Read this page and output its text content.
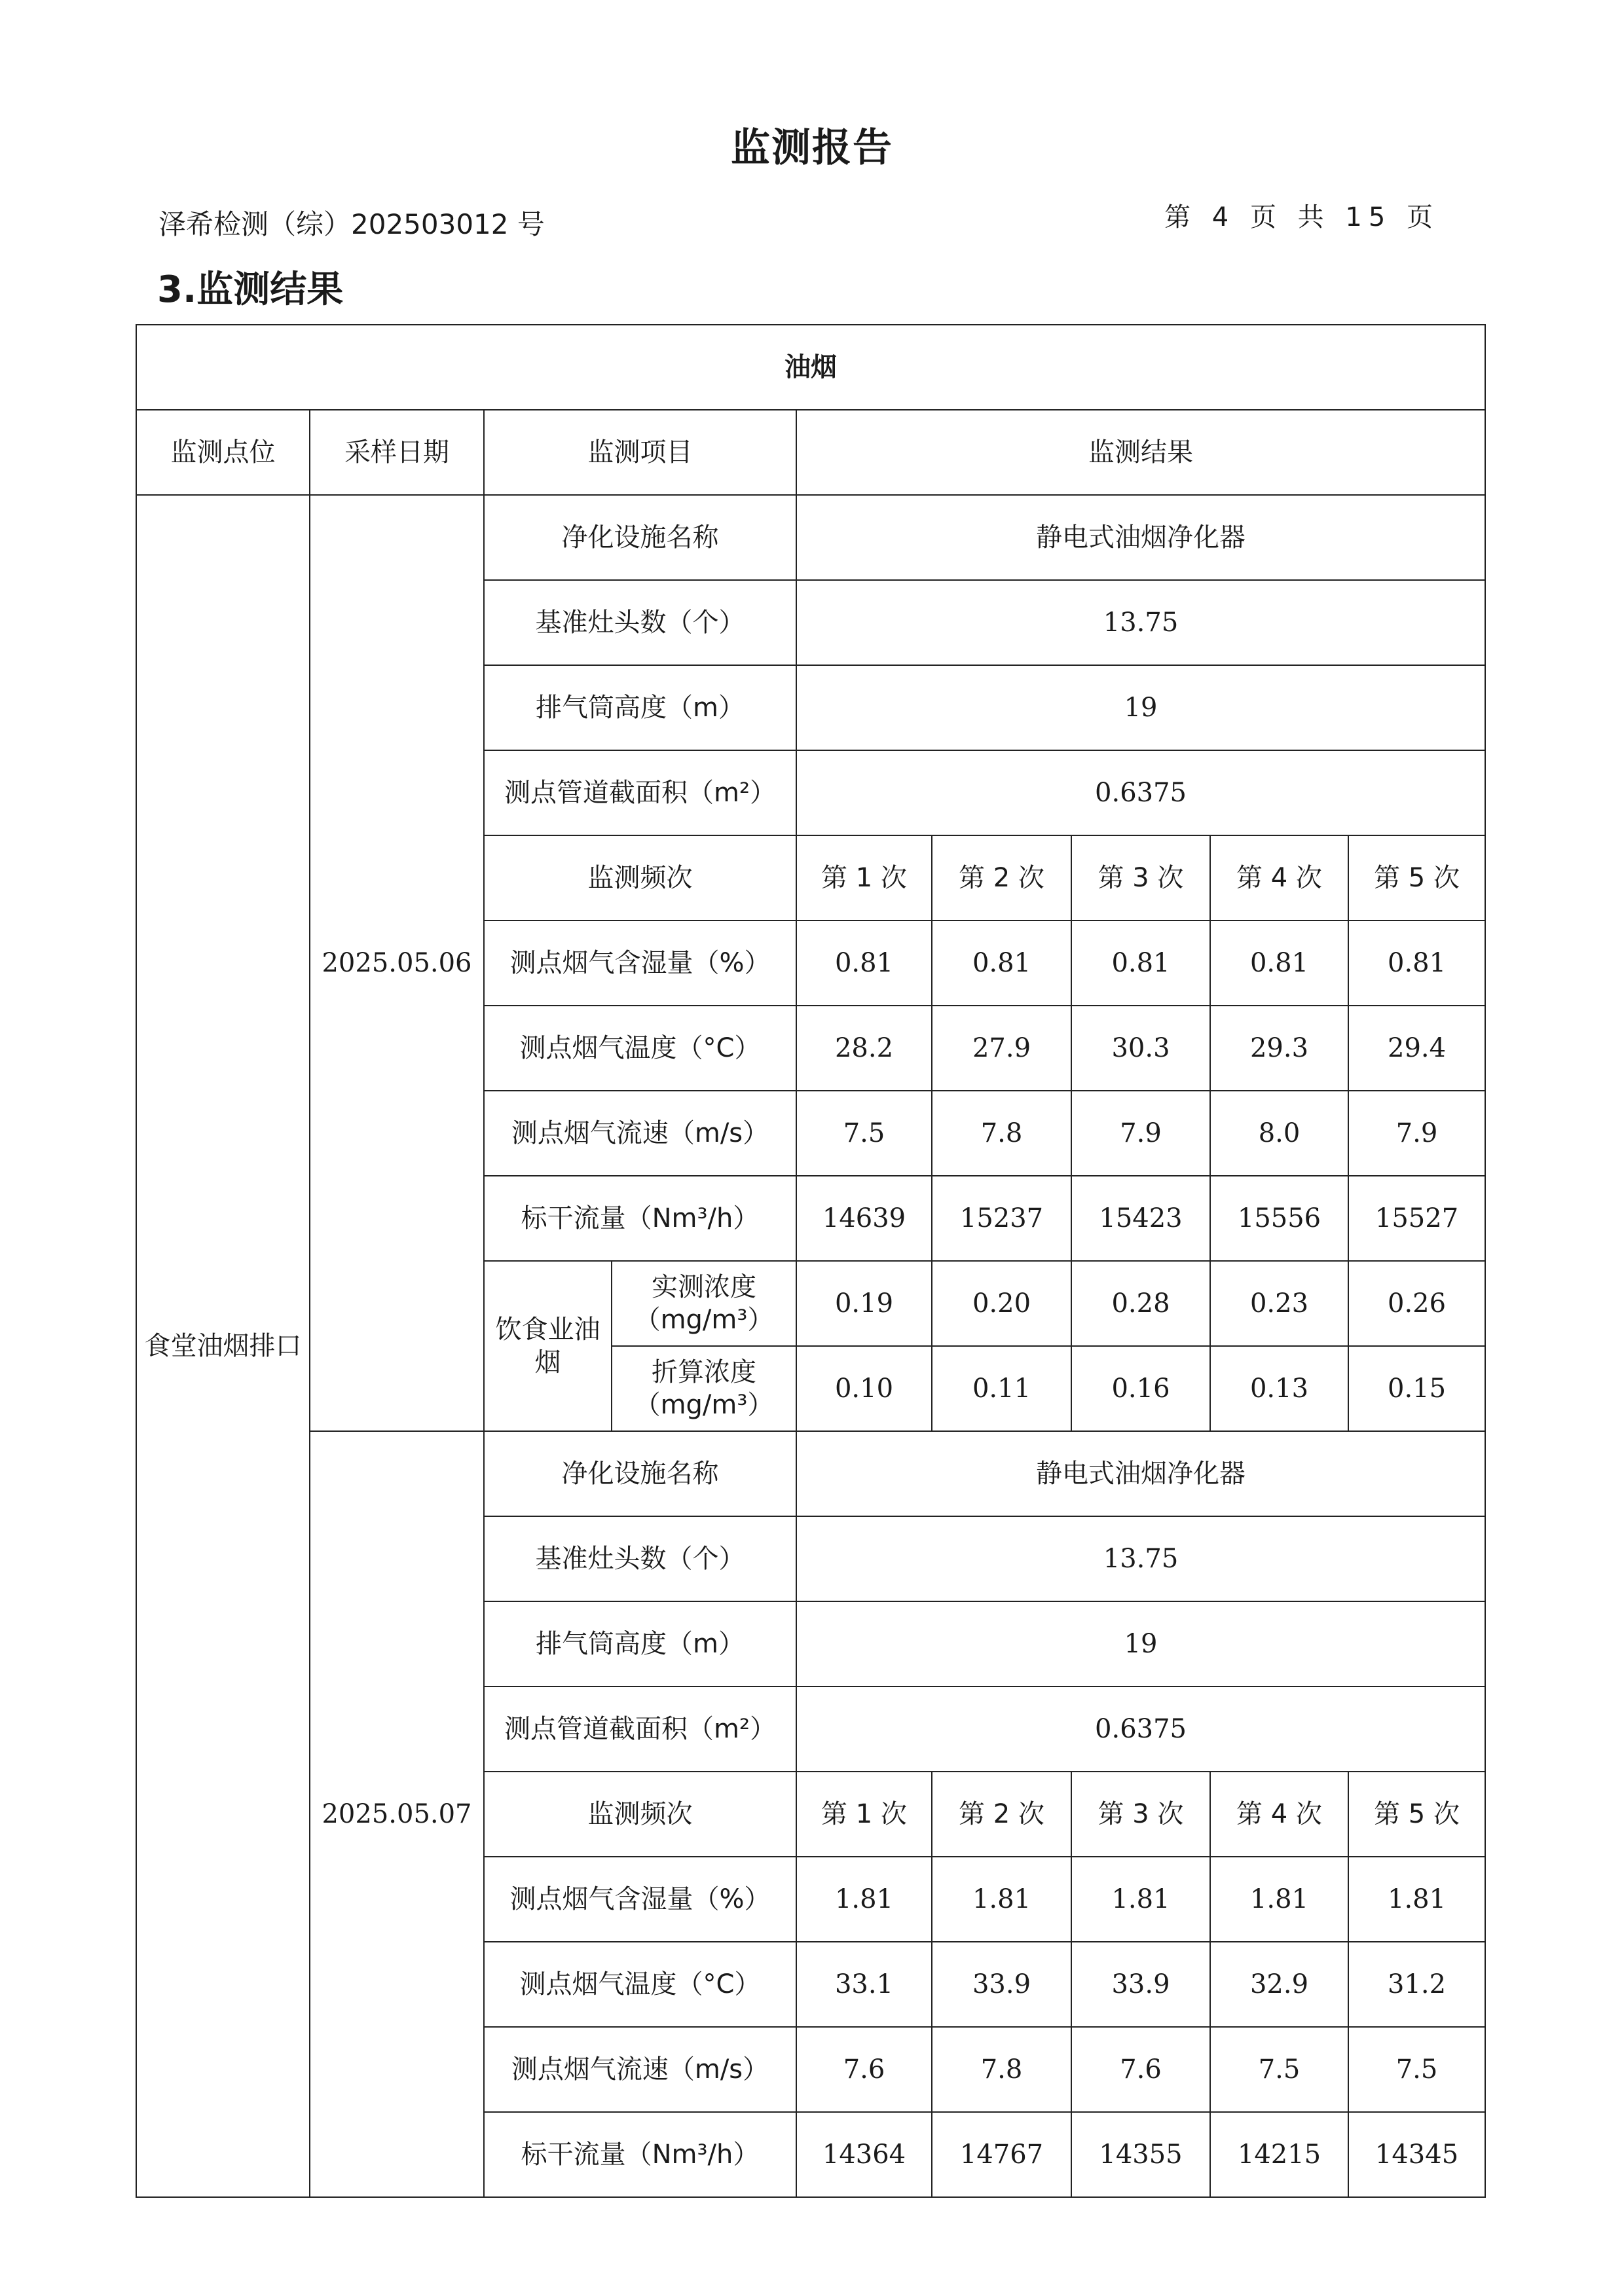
监测报告
泽希检测（综）202503012 号	第 4 页 共 15 页
3.监测结果
油烟								
监测点位	采样日期	监测项目		监测结果				
食堂油烟排口	2025.05.06	净化设施名称		静电式油烟净化器				
		基准灶头数（个）		13.75				
		排气筒高度（m）		19				
		测点管道截面积（m²）		0.6375				
		监测频次		第 1 次	第 2 次	第 3 次	第 4 次	第 5 次
		测点烟气含湿量（%）		0.81	0.81	0.81	0.81	0.81
		测点烟气温度（°C）		28.2	27.9	30.3	29.3	29.4
		测点烟气流速（m/s）		7.5	7.8	7.9	8.0	7.9
		标干流量（Nm³/h）		14639	15237	15423	15556	15527
		饮食业油烟	实测浓度（mg/m³）	0.19	0.20	0.28	0.23	0.26
			折算浓度（mg/m³）	0.10	0.11	0.16	0.13	0.15
	2025.05.07	净化设施名称		静电式油烟净化器				
		基准灶头数（个）		13.75				
		排气筒高度（m）		19				
		测点管道截面积（m²）		0.6375				
		监测频次		第 1 次	第 2 次	第 3 次	第 4 次	第 5 次
		测点烟气含湿量（%）		1.81	1.81	1.81	1.81	1.81
		测点烟气温度（°C）		33.1	33.9	33.9	32.9	31.2
		测点烟气流速（m/s）		7.6	7.8	7.6	7.5	7.5
		标干流量（Nm³/h）		14364	14767	14355	14215	14345
